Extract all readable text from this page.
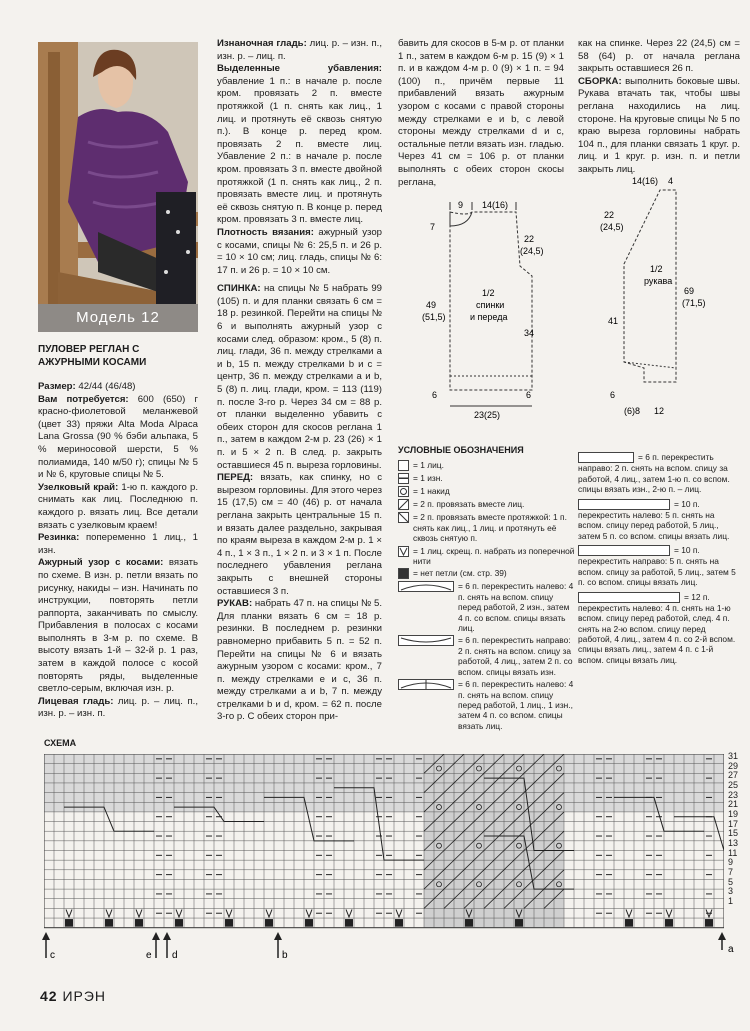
Модель 12
ПУЛОВЕР РЕГЛАН С АЖУРНЫМИ КОСАМИ

Размер: 42/44 (46/48)

Вам потребуется: 600 (650) г красно-фиолетовой меланжевой (цвет 33) пряжи Alta Moda Alpaca Lana Grossa (90 % бэби альпака, 5 % мериносовой шерсти, 5 % полиамида, 140 м/50 г); спицы № 5 и № 6, круговые спицы № 5.

Узелковый край: 1-ю п. каждого р. снимать как лиц. Последнюю п. каждого р. вязать лиц. Все детали вязать с узелковым краем!

Резинка: попеременно 1 лиц., 1 изн.

Ажурный узор с косами: вязать по схеме. В изн. р. петли вязать по рисунку, накиды – изн. Начинать по инструкции, повторять петли раппорта, заканчивать по смыслу. Прибавления в полосах с косами выполнять в 3-м р. по схеме. В высоту вязать 1-й – 32-й р. 1 раз, затем в каждой полосе с косой повторять ряды, выделенные светло-серым, включая изн. р.

Лицевая гладь: лиц. р. – лиц. п., изн. р. – изн. п.

Изнаночная гладь: лиц. р. – изн. п., изн. р. – лиц. п.

Выделенные убавления: убавление 1 п.: в начале р. после кром. провязать 2 п. вместе протяжкой (1 п. снять как лиц., 1 лиц. и протянуть её сквозь снятую п.). В конце р. перед кром. провязать 2 п. вместе лиц. Убавление 2 п.: в начале р. после кром. провязать 3 п. вместе двойной протяжкой (1 п. снять как лиц., 2 п. провязать вместе лиц. и протянуть её сквозь снятую п. В конце р. перед кром. провязать 3 п. вместе лиц.

Плотность вязания: ажурный узор с косами, спицы № 6: 25,5 п. и 26 р. = 10 × 10 см; лиц. гладь, спицы № 6: 17 п. и 26 р. = 10 × 10 см.

СПИНКА: на спицы № 5 набрать 99 (105) п. и для планки связать 6 см = 18 р. резинкой. Перейти на спицы № 6 и выполнять ажурный узор с косами след. образом: кром., 5 (8) п. лиц. глади, 36 п. между стрелками a и b, 15 п. между стрелками b и c = центр, 36 п. между стрелками a и b, 5 (8) п. лиц. глади, кром. = 113 (119) п. после 3-го р. Через 34 см = 88 р. от планки выделенно убавить с обеих сторон для скосов реглана 1 п., затем в каждом 2-м р. 23 (26) × 1 п. и 5 × 2 п. В след. р. закрыть оставшиеся 45 п. выреза горловины.

ПЕРЕД: вязать, как спинку, но с вырезом горловины. Для этого через 15 (17,5) см = 40 (46) р. от начала реглана закрыть центральные 15 п. и вязать далее раздельно, закрывая по краям выреза в каждом 2-м р. 1 × 4 п., 1 × 3 п., 1 × 2 п. и 3 × 1 п. После последнего убавления реглана закрыть с внешней стороны оставшиеся 3 п.

РУКАВ: набрать 47 п. на спицы № 5. Для планки вязать 6 см = 18 р. резинки. В последнем р. резинки равномерно прибавить 5 п. = 52 п. Перейти на спицы № 6 и вязать ажурным узором с косами: кром., 7 п. между стрелками e и c, 36 п. между стрелками a и b, 7 п. между стрелками b и d, кром. = 62 п. после 3-го р. С обеих сторон при-

бавить для скосов в 5-м р. от планки 1 п., затем в каждом 6-м р. 15 (9) × 1 п. и в каждом 4-м р. 0 (9) × 1 п. = 94 (100) п., причём первые 11 прибавлений вязать ажурным узором с косами с правой стороны между стрелками e и b, с левой стороны между стрелками d и c, остальные петли вязать изн. гладью. Через 41 см = 106 р. от планки выполнять с обеих сторон скосы реглана,

как на спинке. Через 22 (24,5) см = 58 (64) р. от начала реглана закрыть оставшиеся 26 п.

СБОРКА: выполнить боковые швы. Рукава втачать так, чтобы швы реглана находились на лиц. стороне. На круговые спицы № 5 по краю выреза горловины набрать 104 п., для планки связать 1 круг. р. лиц. и 1 круг. р. изн. п. и петли закрыть лиц.

9 14(16)
7
22
(24,5)
49
(51,5)
1/2
спинки
и переда
34
6	6
23(25)
14(16) 4
22
(24,5)
1/2
рукава
69
(71,5)
41
6
(6)8 12
УСЛОВНЫЕ ОБОЗНАЧЕНИЯ
= 1 лиц.
= 1 изн.
= 1 накид
= 2 п. провязать вместе лиц.
= 2 п. провязать вместе протяжкой: 1 п. снять как лиц., 1 лиц. и протянуть её сквозь снятую п.
= 1 лиц. скрещ. п. набрать из поперечной нити
= нет петли (см. стр. 39)
= 6 п. перекрестить налево: 4 п. снять на вспом. спицу перед работой, 2 изн., затем 4 п. со вспом. спицы вязать лиц.
= 6 п. перекрестить направо: 2 п. снять на вспом. спицу за работой, 4 лиц., затем 2 п. со вспом. спицы вязать изн.
= 6 п. перекрестить налево: 4 п. снять на вспом. спицу перед работой, 1 лиц., 1 изн., затем 4 п. со вспом. спицы вязать лиц.
= 6 п. перекрестить направо: 2 п. снять на вспом. спицу за работой, 4 лиц., затем 1-ю п. со вспом. спицы вязать изн., 2-ю п. – лиц.
= 10 п. перекрестить налево: 5 п. снять на вспом. спицу перед работой, 5 лиц., затем 5 п. со вспом. спицы вязать лиц.
= 10 п. перекрестить направо: 5 п. снять на вспом. спицу за работой, 5 лиц., затем 5 п. со вспом. спицы вязать лиц.
= 12 п. перекрестить налево: 4 п. снять на 1-ю вспом. спицу перед работой, след. 4 п. снять на 2-ю вспом. спицу перед работой, 4 лиц., затем 4 п. со 2-й вспом. спицы вязать лиц., затем 4 п. с 1-й вспом. спицы вязать лиц.
СХЕМА
31
29
27
25
23
21
19
17
15
13
11
9
7
5
3
1
c	e d	b
a
42 ИРЭН
